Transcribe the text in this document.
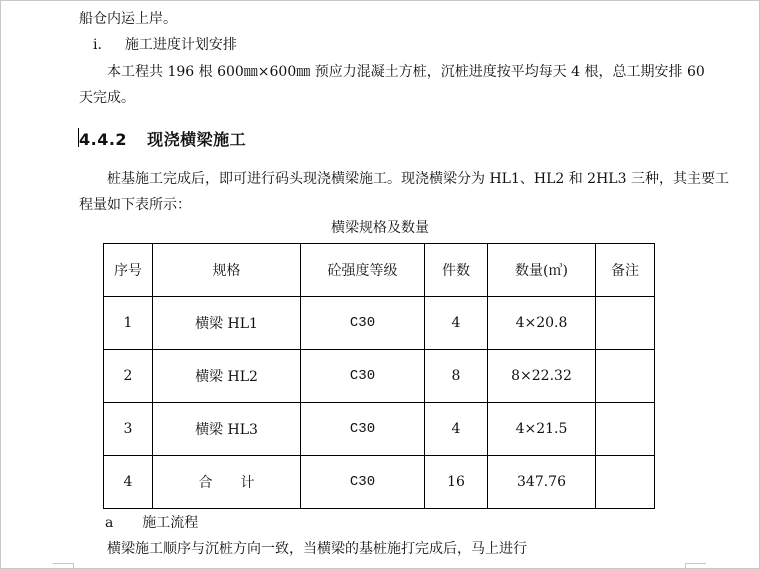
船仓内运上岸。
i. 施工进度计划安排
本工程共 196 根 600㎜×600㎜ 预应力混凝土方桩，沉桩进度按平均每天 4 根，总工期安排 60
天完成。
4.4.2 现浇横梁施工
桩基施工完成后，即可进行码头现浇横梁施工。现浇横梁分为 HL1、HL2 和 2HL3 三种，其主要工
程量如下表所示：
横梁规格及数量
序号	规格	砼强度等级	件数	数量(㎥)	备注
1	横梁 HL1	C30	4	4×20.8	
2	横梁 HL2	C30	8	8×22.32	
3	横梁 HL3	C30	4	4×21.5	
4	合　　计	C30	16	347.76	
a 施工流程
横梁施工顺序与沉桩方向一致，当横梁的基桩施打完成后，马上进行
